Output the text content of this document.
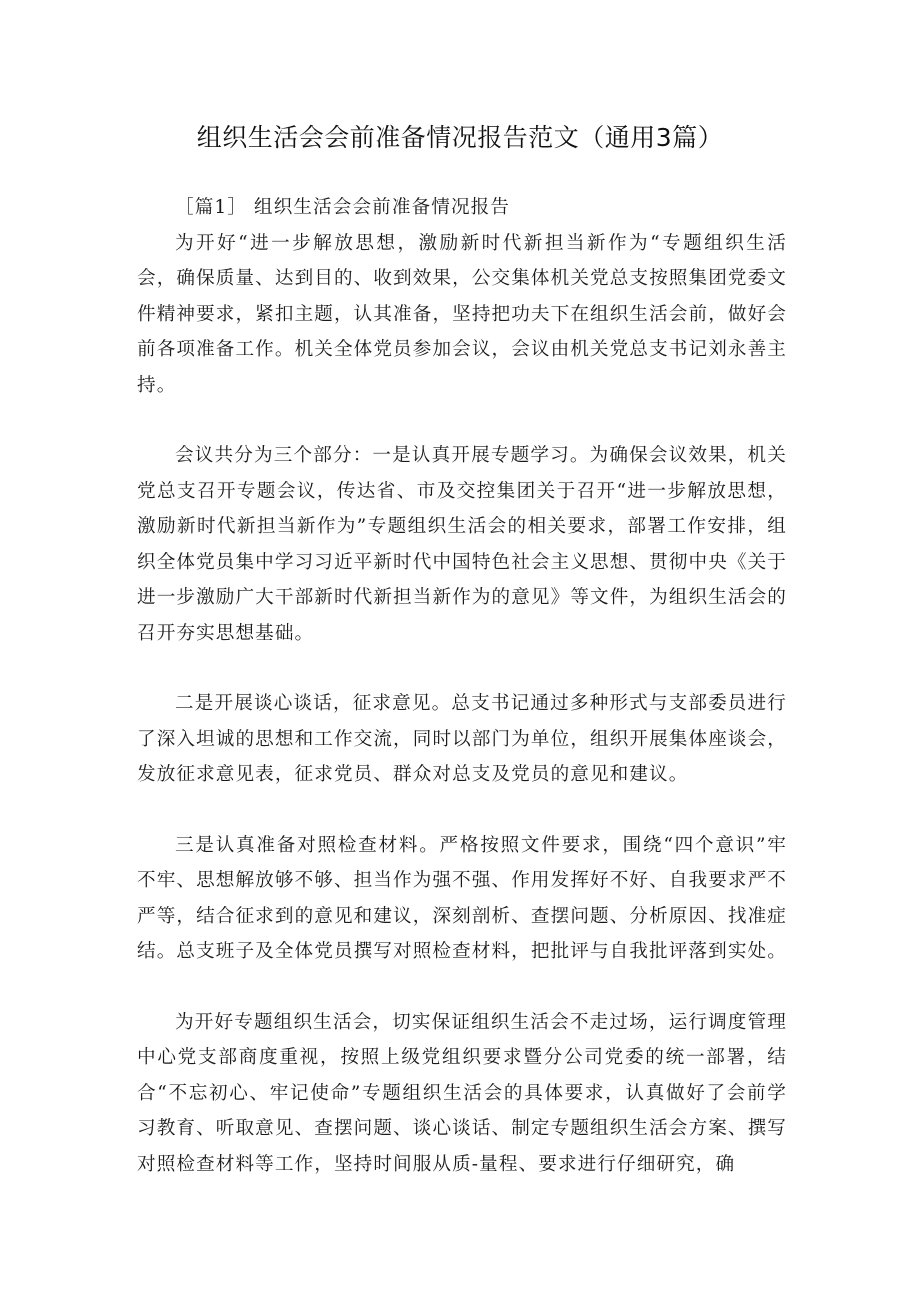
组织生活会会前准备情况报告范文（通用3篇）

［篇1］ 组织生活会会前准备情况报告

为开好“进一步解放思想，激励新时代新担当新作为“专题组织生活会，确保质量、达到目的、收到效果，公交集体机关党总支按照集团党委文件精神要求，紧扣主题，认其准备，坚持把功夫下在组织生活会前，做好会前各项准备工作。机关全体党员参加会议，会议由机关党总支书记刘永善主持。

会议共分为三个部分：一是认真开展专题学习。为确保会议效果，机关党总支召开专题会议，传达省、市及交控集团关于召开“进一步解放思想，激励新时代新担当新作为”专题组织生活会的相关要求，部署工作安排，组织全体党员集中学习习近平新时代中国特色社会主义思想、贯彻中央《关于进一步激励广大干部新时代新担当新作为的意见》等文件，为组织生活会的召开夯实思想基础。

二是开展谈心谈话，征求意见。总支书记通过多种形式与支部委员进行了深入坦诚的思想和工作交流，同时以部门为单位，组织开展集体座谈会，发放征求意见表，征求党员、群众对总支及党员的意见和建议。

三是认真准备对照检查材料。严格按照文件要求，围绕“四个意识”牢不牢、思想解放够不够、担当作为强不强、作用发挥好不好、自我要求严不严等，结合征求到的意见和建议，深刻剖析、查摆问题、分析原因、找准症结。总支班子及全体党员撰写对照检查材料，把批评与自我批评落到实处。

为开好专题组织生活会，切实保证组织生活会不走过场，运行调度管理中心党支部商度重视，按照上级党组织要求暨分公司党委的统一部署，结合“不忘初心、牢记使命”专题组织生活会的具体要求，认真做好了会前学习教育、听取意见、查摆问题、谈心谈话、制定专题组织生活会方案、撰写对照检查材料等工作，坚持时间服从质-量程、要求进行仔细研究，确
